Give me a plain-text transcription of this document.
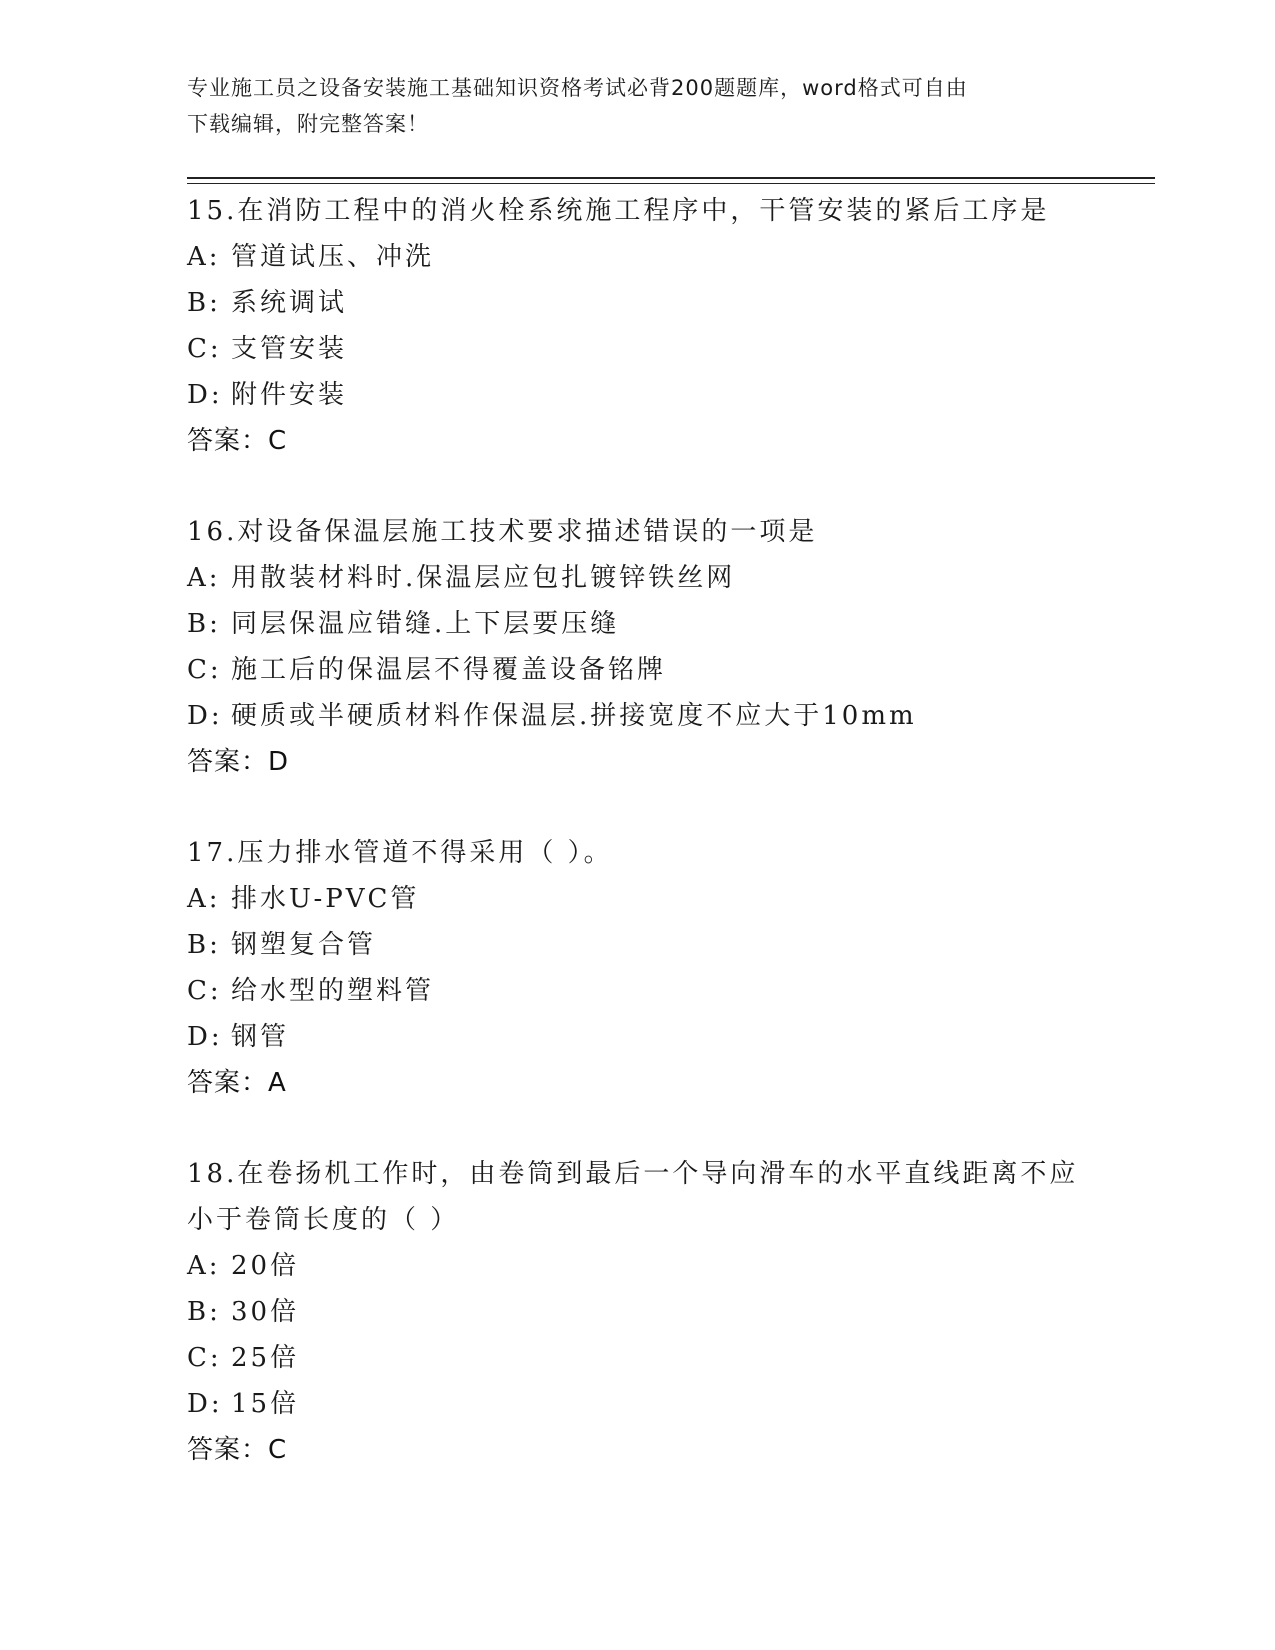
专业施工员之设备安装施工基础知识资格考试必背200题题库，word格式可自由
下载编辑，附完整答案！
15.在消防工程中的消火栓系统施工程序中，干管安装的紧后工序是
A: 管道试压、冲洗
B: 系统调试
C: 支管安装
D: 附件安装
答案：C
16.对设备保温层施工技术要求描述错误的一项是
A: 用散装材料时.保温层应包扎镀锌铁丝网
B: 同层保温应错缝.上下层要压缝
C: 施工后的保温层不得覆盖设备铭牌
D: 硬质或半硬质材料作保温层.拼接宽度不应大于10mm
答案：D
17.压力排水管道不得采用（ ）。
A: 排水U-PVC管
B: 钢塑复合管
C: 给水型的塑料管
D: 钢管
答案：A
18.在卷扬机工作时，由卷筒到最后一个导向滑车的水平直线距离不应小于卷筒长度的（ ）
A: 20倍
B: 30倍
C: 25倍
D: 15倍
答案：C
